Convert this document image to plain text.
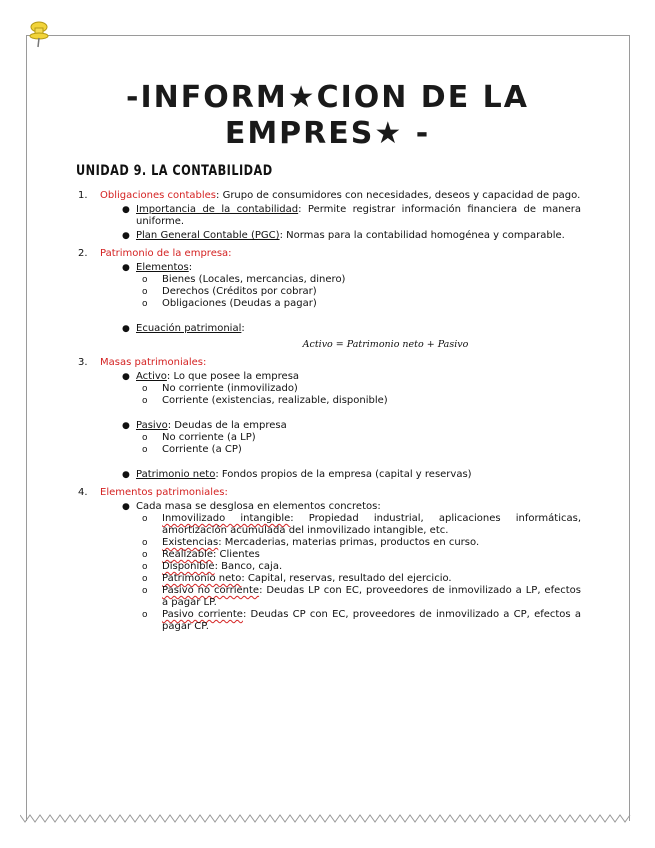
-INFORM★CION DE LA
EMPRES★ -
UNIDAD 9. LA CONTABILIDAD
1. Obligaciones contables: Grupo de consumidores con necesidades, deseos y capacidad de pago.
● Importancia de la contabilidad: Permite registrar información financiera de manera uniforme.
● Plan General Contable (PGC): Normas para la contabilidad homogénea y comparable.
2. Patrimonio de la empresa:
● Elementos:
o Bienes (Locales, mercancias, dinero)
o Derechos (Créditos por cobrar)
o Obligaciones (Deudas a pagar)
● Ecuación patrimonial:
Activo = Patrimonio neto + Pasivo
3. Masas patrimoniales:
● Activo: Lo que posee la empresa
o No corriente (inmovilizado)
o Corriente (existencias, realizable, disponible)
● Pasivo: Deudas de la empresa
o No corriente (a LP)
o Corriente (a CP)
● Patrimonio neto: Fondos propios de la empresa (capital y reservas)
4. Elementos patrimoniales:
● Cada masa se desglosa en elementos concretos:
o Inmovilizado intangible: Propiedad industrial, aplicaciones informáticas, amortización acumulada del inmovilizado intangible, etc.
o Existencias: Mercaderias, materias primas, productos en curso.
o Realizable: Clientes
o Disponible: Banco, caja.
o Patrimonio neto: Capital, reservas, resultado del ejercicio.
o Pasivo no corriente: Deudas LP con EC, proveedores de inmovilizado a LP, efectos a pagar LP.
o Pasivo corriente: Deudas CP con EC, proveedores de inmovilizado a CP, efectos a pagar CP.
